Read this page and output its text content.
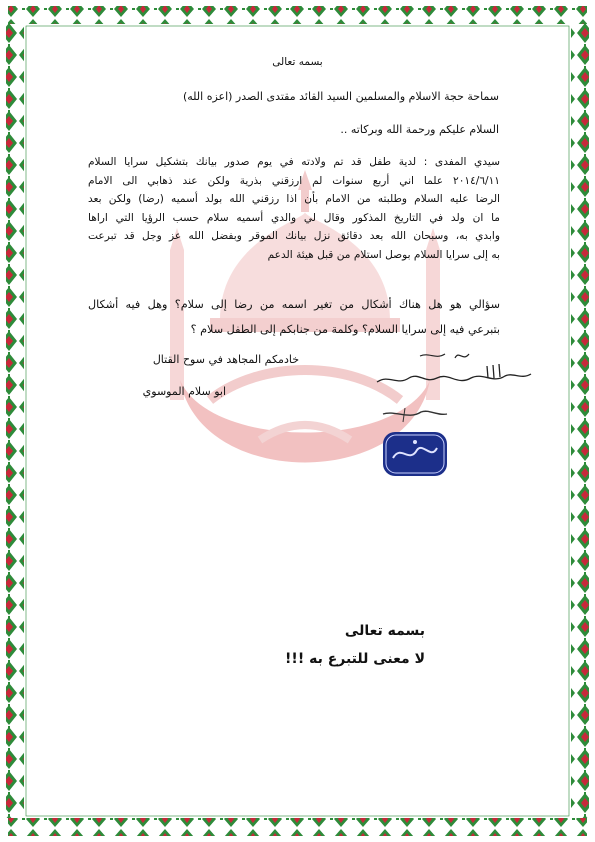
بسمه تعالى
سماحة حجة الاسلام والمسلمين السيد القائد مقتدى الصدر (اعزه الله)
السلام عليكم ورحمة الله وبركاته ..
سيدي المفدى : لدية طفل قد تم ولادته في يوم صدور بيانك بتشكيل سرايا السلام
٢٠١٤/٦/١١ علما اني أربع سنوات لم ارزقني بذرية ولكن عند ذهابي الى الامام
الرضا عليه السلام وطلبته من الامام بأن اذا رزقني الله بولد أسميه (رضا) ولكن بعد
ما ان ولد في التاريخ المذكور وقال لي والدي أسميه سلام حسب الرؤيا التي اراها
وابدي به، وسبحان الله بعد دقائق نزل بيانك الموقر وبفضل الله عز وجل قد تبرعت
به إلى سرايا السلام بوصل استلام من قبل هيئة الدعم
سؤالي هو هل هناك أشكال من تغير اسمه من رضا إلى سلام؟ وهل فيه أشكال
بتبرعي فيه إلى سرايا السلام؟ وكلمة من جنابكم إلى الطفل سلام ؟
خادمكم المجاهد في سوح القتال
ابو سلام الموسوي
بسمه تعالى
لا معنى للتبرع به !!!
